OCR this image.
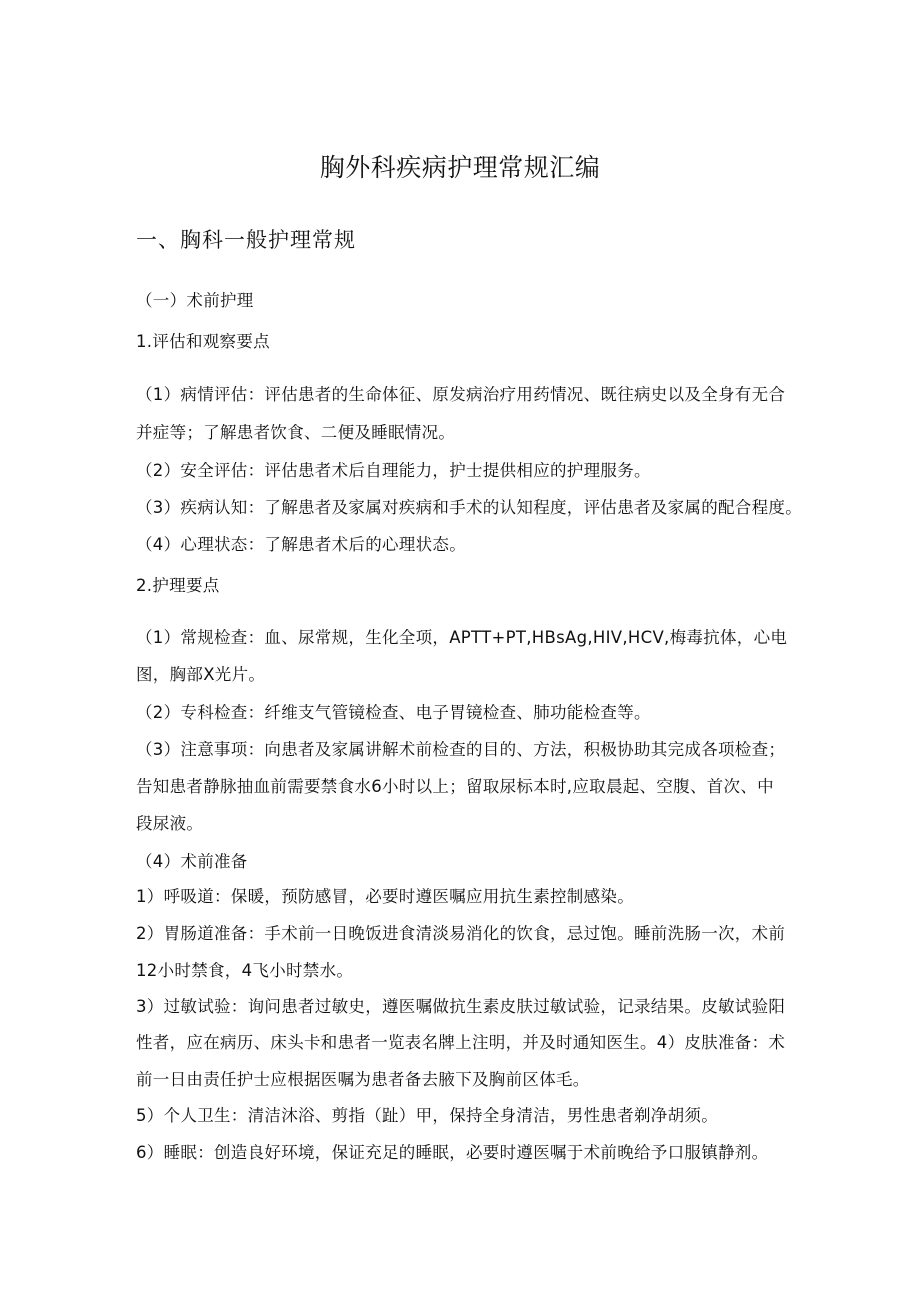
胸外科疾病护理常规汇编
一、胸科一般护理常规
（一）术前护理
1.评估和观察要点
（1）病情评估：评估患者的生命体征、原发病治疗用药情况、既往病史以及全身有无合
并症等；了解患者饮食、二便及睡眠情况。
（2）安全评估：评估患者术后自理能力，护士提供相应的护理服务。
（3）疾病认知：了解患者及家属对疾病和手术的认知程度，评估患者及家属的配合程度。
（4）心理状态：了解患者术后的心理状态。
2.护理要点
（1）常规检查：血、尿常规，生化全项，APTT+PT,HBsAg,HIV,HCV,梅毒抗体，心电
图，胸部X光片。
（2）专科检查：纤维支气管镜检查、电子胃镜检查、肺功能检查等。
（3）注意事项：向患者及家属讲解术前检查的目的、方法，积极协助其完成各项检查；
告知患者静脉抽血前需要禁食水6小时以上；留取尿标本时,应取晨起、空腹、首次、中
段尿液。
（4）术前准备
1）呼吸道：保暖，预防感冒，必要时遵医嘱应用抗生素控制感染。
2）胃肠道准备：手术前一日晚饭进食清淡易消化的饮食，忌过饱。睡前洗肠一次，术前
12小时禁食，4飞小时禁水。
3）过敏试验：询问患者过敏史，遵医嘱做抗生素皮肤过敏试验，记录结果。皮敏试验阳
性者，应在病历、床头卡和患者一览表名牌上注明，并及时通知医生。4）皮肤准备：术
前一日由责任护士应根据医嘱为患者备去腋下及胸前区体毛。
5）个人卫生：清洁沐浴、剪指（趾）甲，保持全身清洁，男性患者剃净胡须。
6）睡眠：创造良好环境，保证充足的睡眠，必要时遵医嘱于术前晚给予口服镇静剂。
